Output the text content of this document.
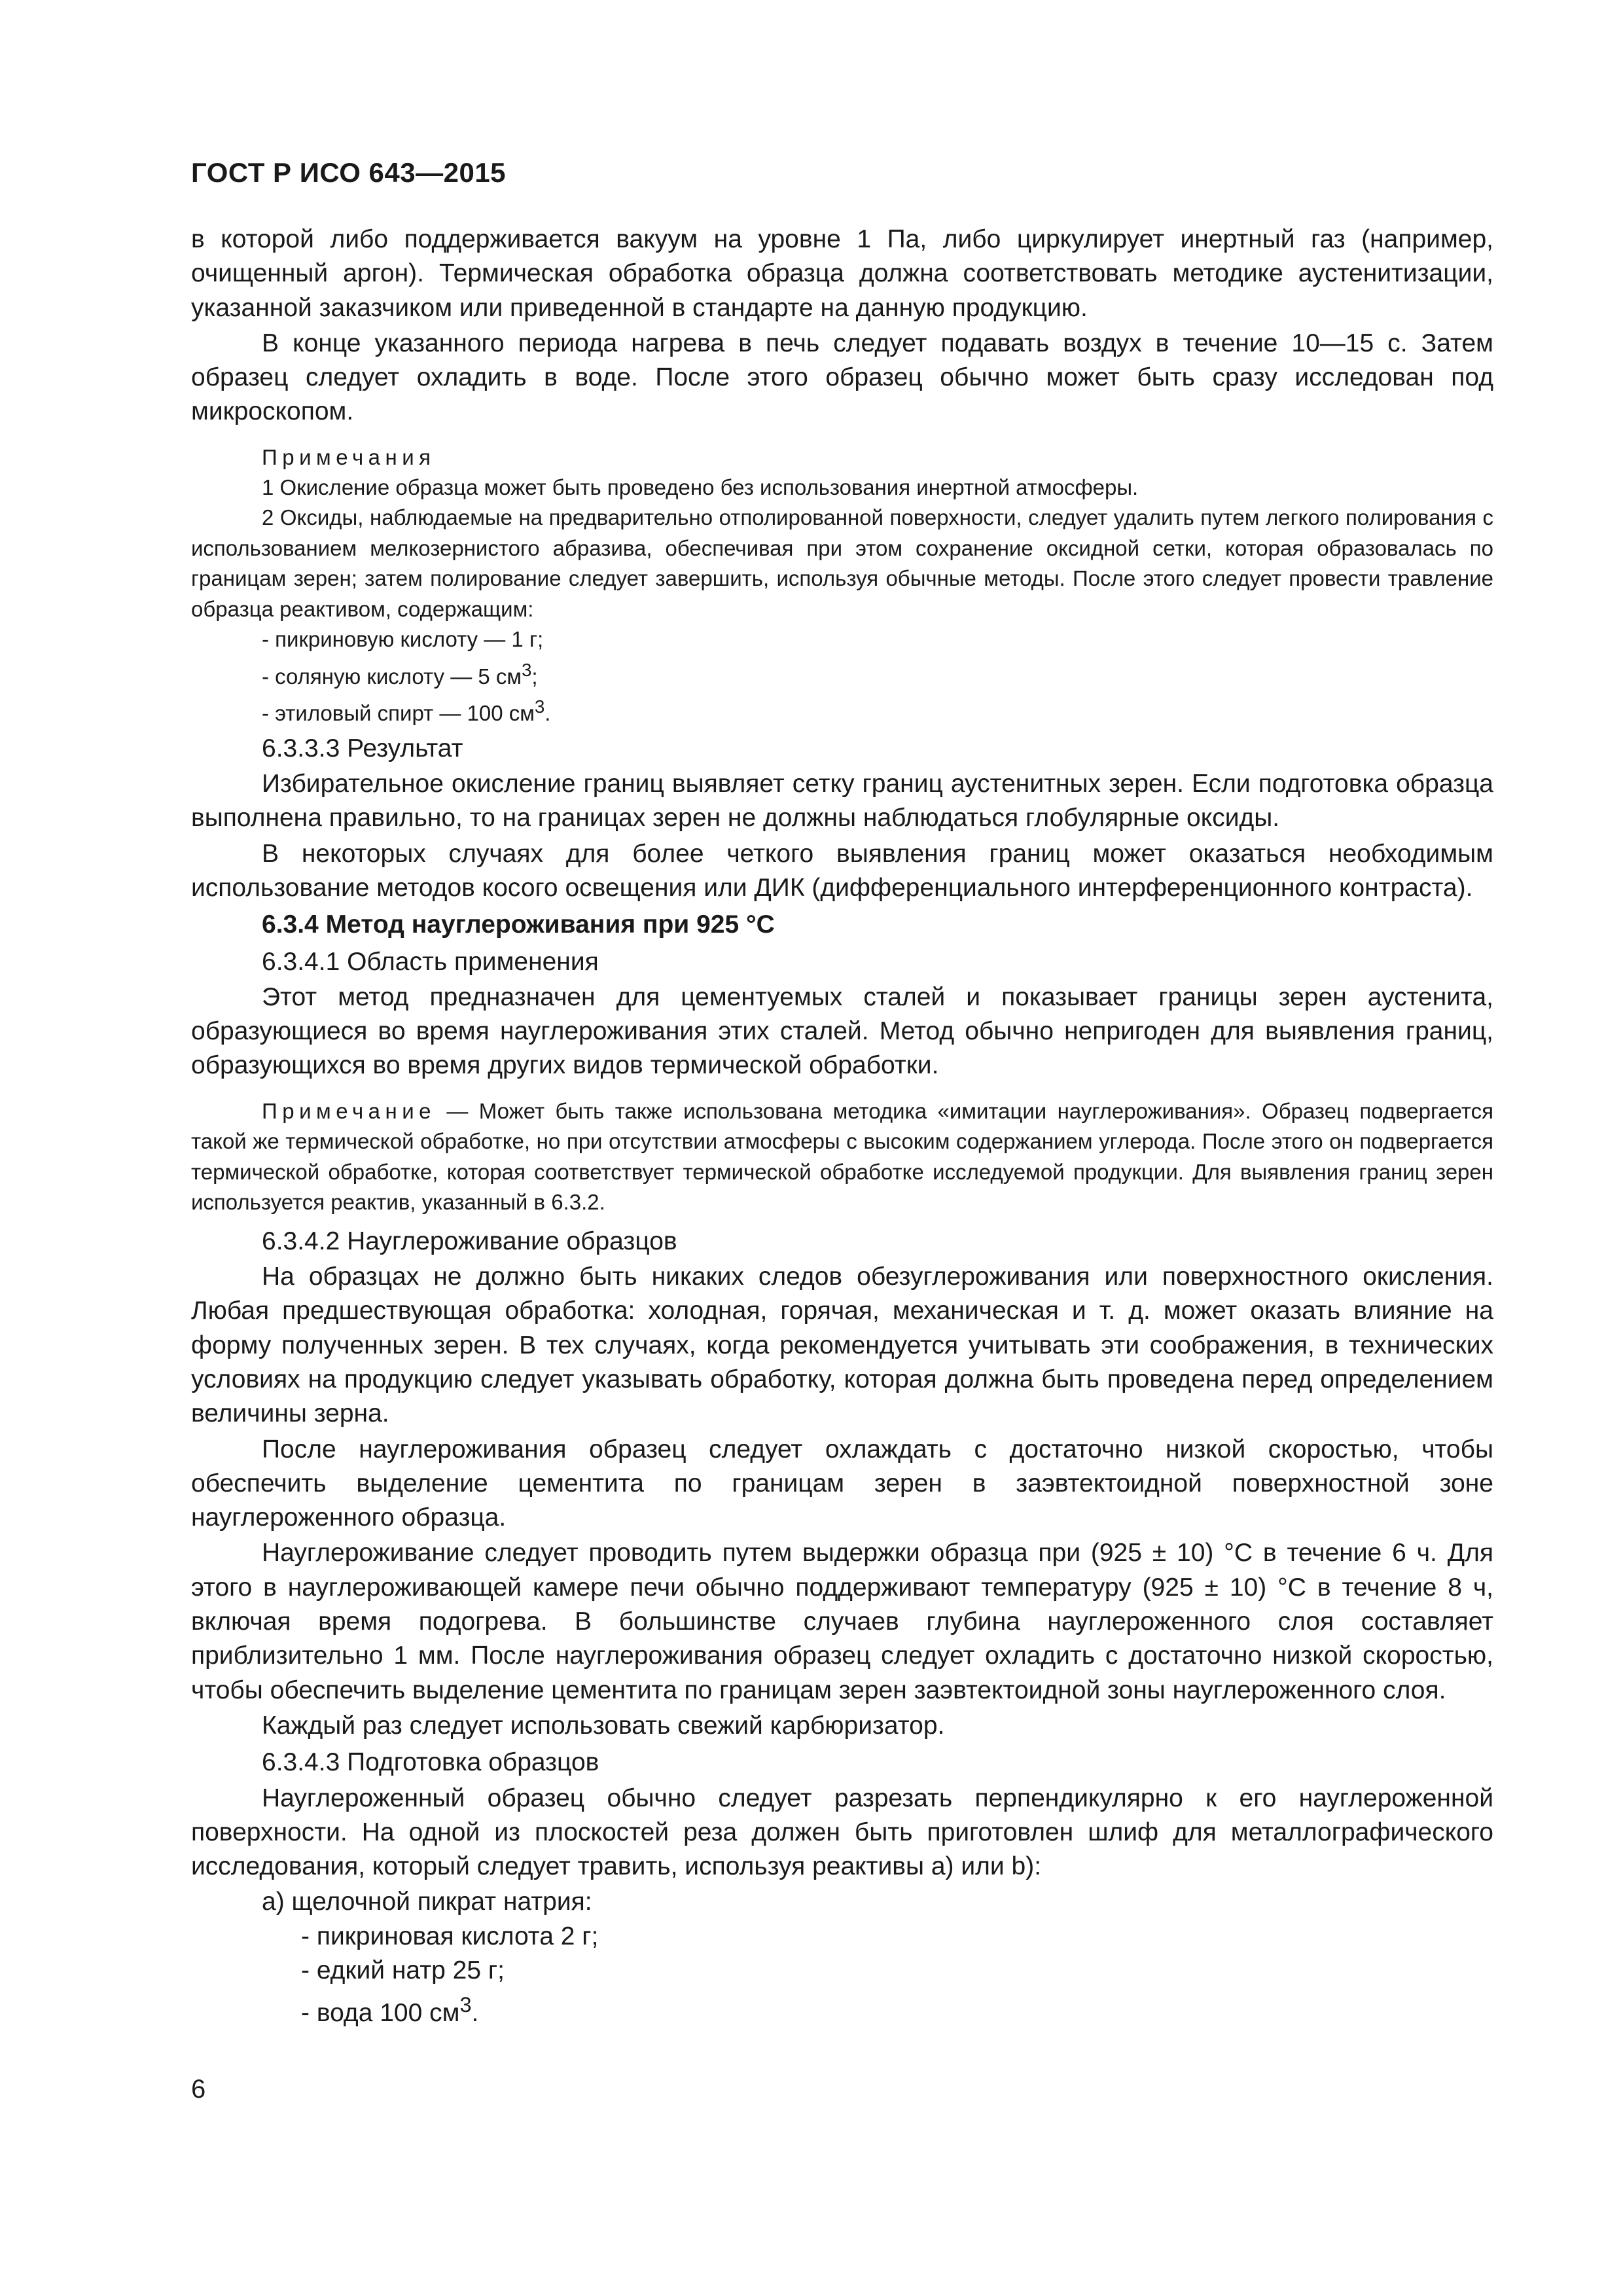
ГОСТ Р ИСО 643—2015

в которой либо поддерживается вакуум на уровне 1 Па, либо циркулирует инертный газ (например, очищенный аргон). Термическая обработка образца должна соответствовать методике аустенитизации, указанной заказчиком или приведенной в стандарте на данную продукцию.

В конце указанного периода нагрева в печь следует подавать воздух в течение 10—15 с. Затем образец следует охладить в воде. После этого образец обычно может быть сразу исследован под микроскопом.

Примечания

1 Окисление образца может быть проведено без использования инертной атмосферы.

2 Оксиды, наблюдаемые на предварительно отполированной поверхности, следует удалить путем легкого полирования с использованием мелкозернистого абразива, обеспечивая при этом сохранение оксидной сетки, которая образовалась по границам зерен; затем полирование следует завершить, используя обычные методы. После этого следует провести травление образца реактивом, содержащим:

- пикриновую кислоту — 1 г;

- соляную кислоту — 5 $см^3$;

- этиловый спирт — 100 $см^3$.

6.3.3.3 Результат

Избирательное окисление границ выявляет сетку границ аустенитных зерен. Если подготовка образца выполнена правильно, то на границах зерен не должны наблюдаться глобулярные оксиды.

В некоторых случаях для более четкого выявления границ может оказаться необходимым использование методов косого освещения или ДИК (дифференциального интерференционного контраста).

6.3.4 Метод науглероживания при 925 °С

6.3.4.1 Область применения

Этот метод предназначен для цементуемых сталей и показывает границы зерен аустенита, образующиеся во время науглероживания этих сталей. Метод обычно непригоден для выявления границ, образующихся во время других видов термической обработки.

Примечание — Может быть также использована методика «имитации науглероживания». Образец подвергается такой же термической обработке, но при отсутствии атмосферы с высоким содержанием углерода. После этого он подвергается термической обработке, которая соответствует термической обработке исследуемой продукции. Для выявления границ зерен используется реактив, указанный в 6.3.2.

6.3.4.2 Науглероживание образцов

На образцах не должно быть никаких следов обезуглероживания или поверхностного окисления. Любая предшествующая обработка: холодная, горячая, механическая и т. д. может оказать влияние на форму полученных зерен. В тех случаях, когда рекомендуется учитывать эти соображения, в технических условиях на продукцию следует указывать обработку, которая должна быть проведена перед определением величины зерна.

После науглероживания образец следует охлаждать с достаточно низкой скоростью, чтобы обеспечить выделение цементита по границам зерен в заэвтектоидной поверхностной зоне науглероженного образца.

Науглероживание следует проводить путем выдержки образца при (925 ± 10) °С в течение 6 ч. Для этого в науглероживающей камере печи обычно поддерживают температуру (925 ± 10) °С в течение 8 ч, включая время подогрева. В большинстве случаев глубина науглероженного слоя составляет приблизительно 1 мм. После науглероживания образец следует охладить с достаточно низкой скоростью, чтобы обеспечить выделение цементита по границам зерен заэвтектоидной зоны науглероженного слоя.

Каждый раз следует использовать свежий карбюризатор.

6.3.4.3 Подготовка образцов

Науглероженный образец обычно следует разрезать перпендикулярно к его науглероженной поверхности. На одной из плоскостей реза должен быть приготовлен шлиф для металлографического исследования, который следует травить, используя реактивы a) или b):

а) щелочной пикрат натрия:

- пикриновая кислота 2 г;

- едкий натр 25 г;

- вода 100 $см^3$.

6
